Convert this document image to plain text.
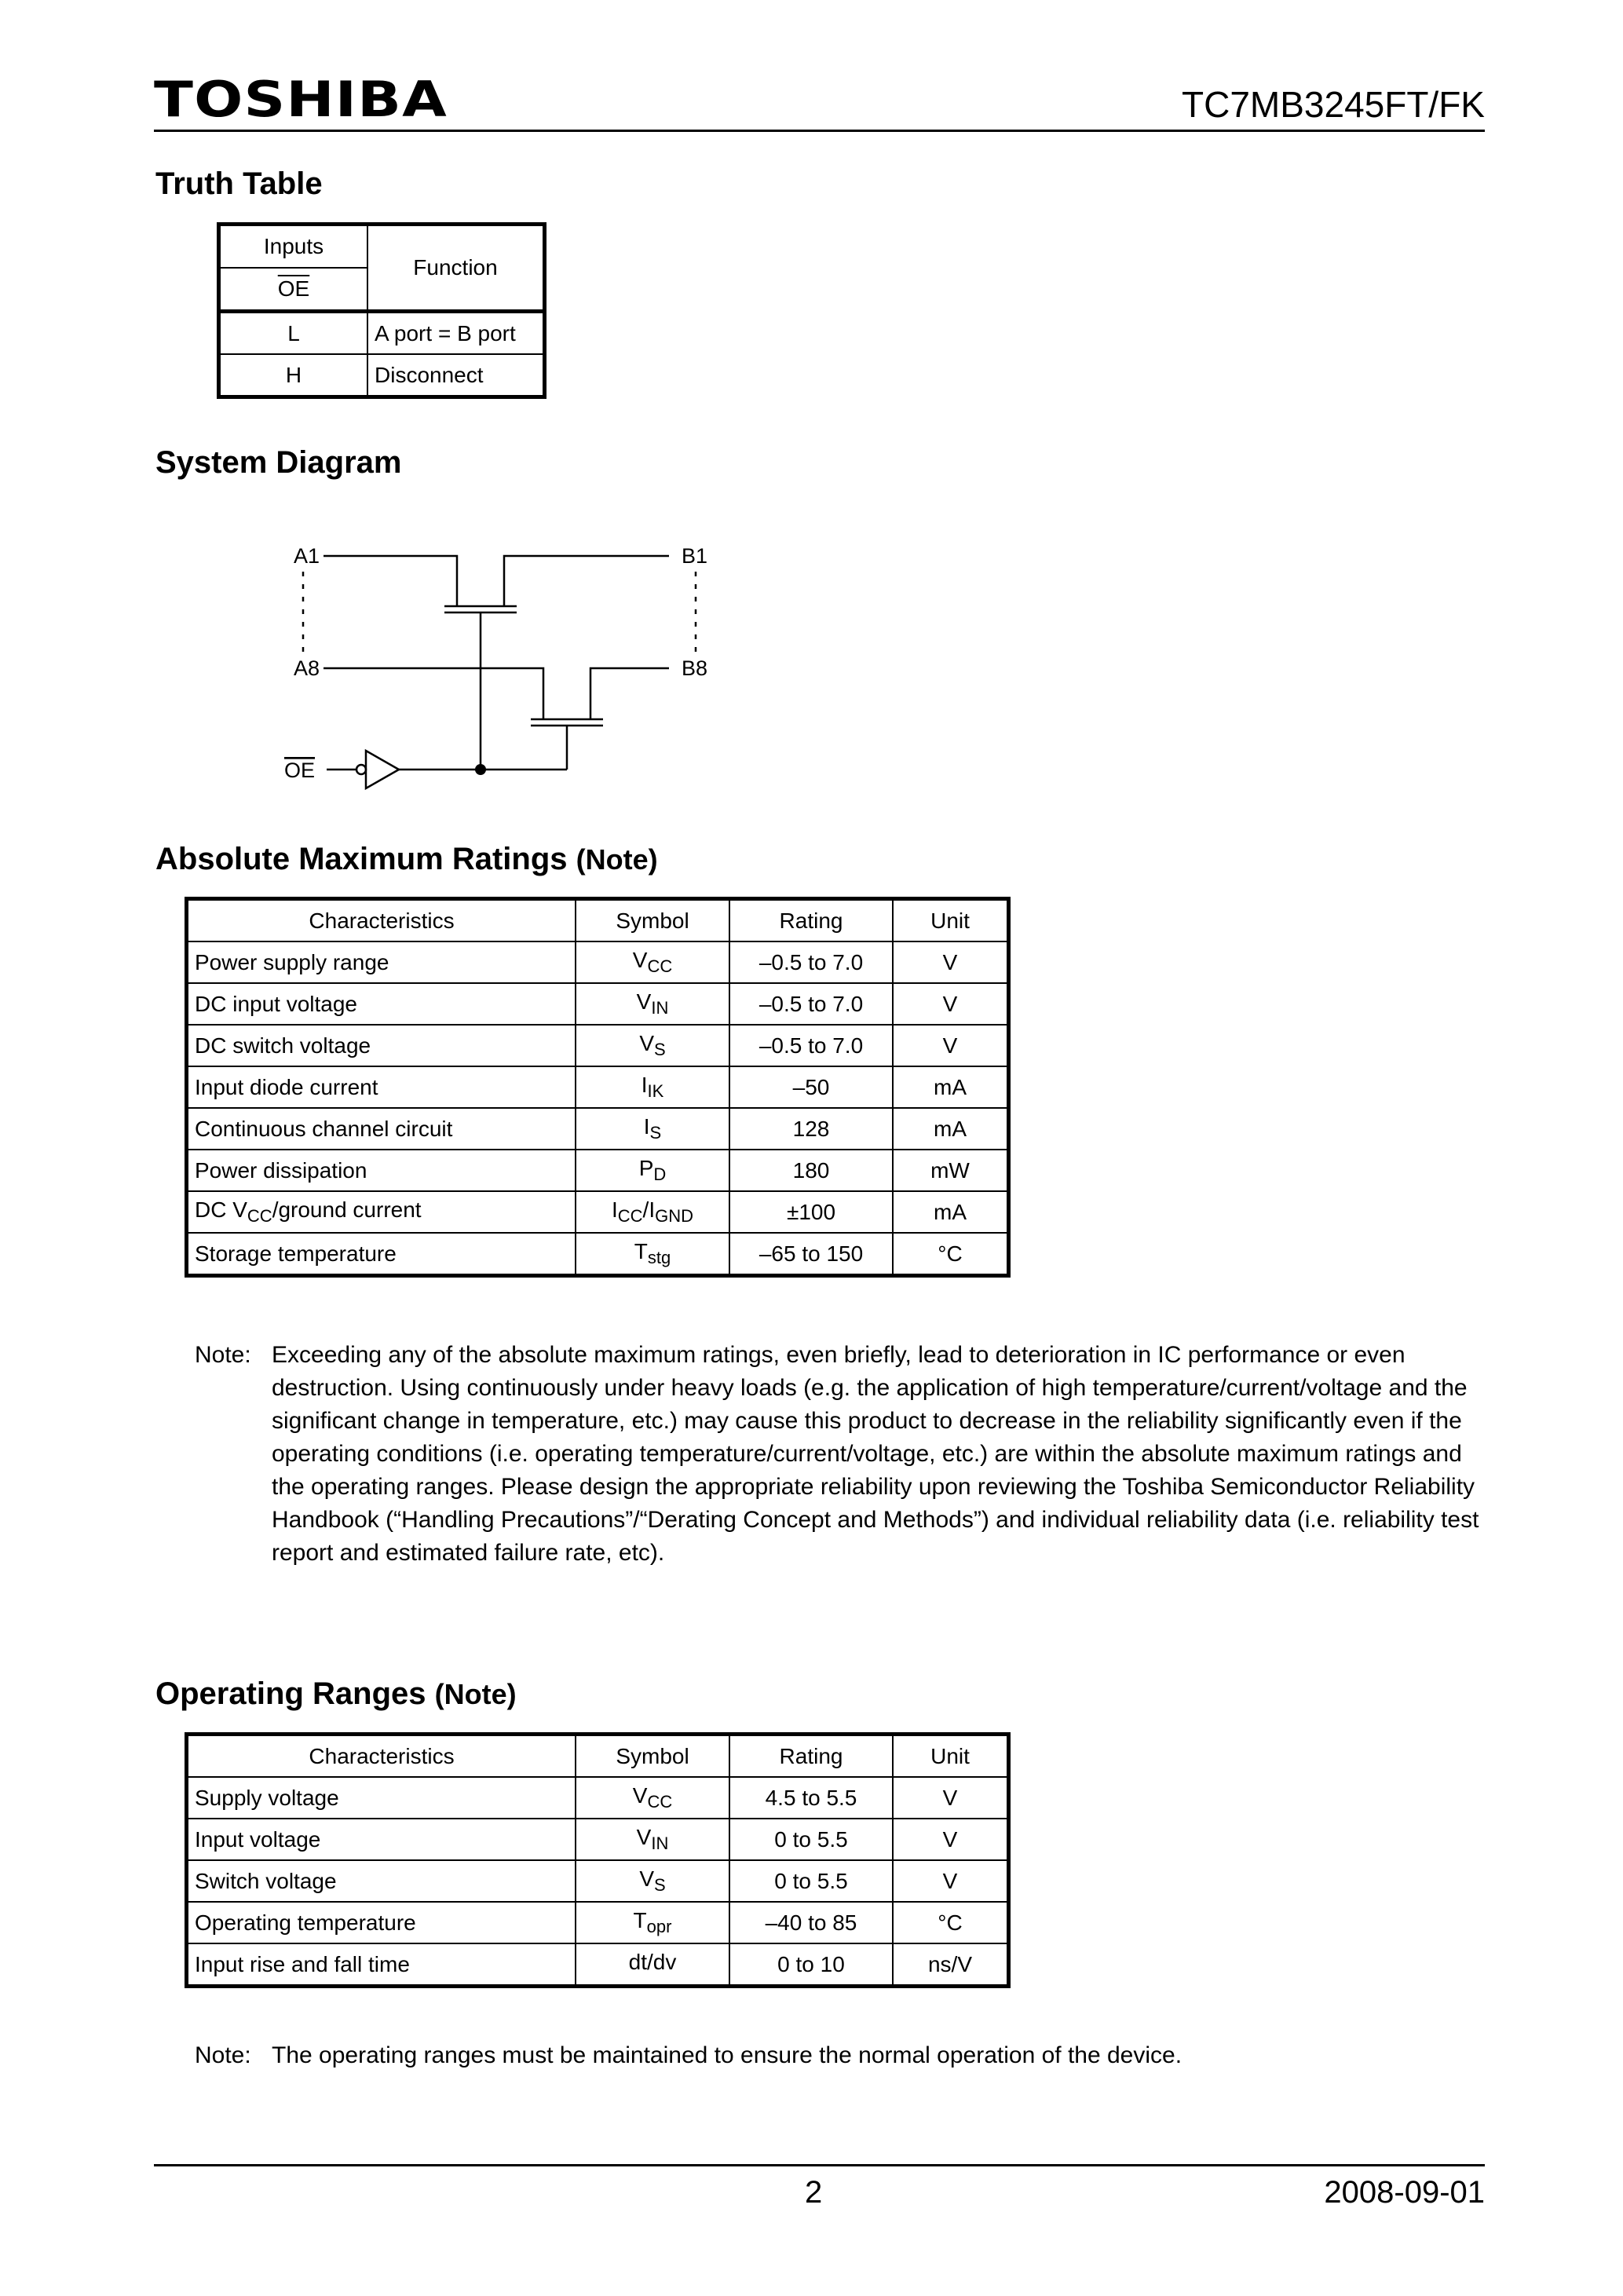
TOSHIBA	TC7MB3245FT/FK
Truth Table
Inputs	Function
$\overline{OE}$
L	A port = B port
H	Disconnect
System Diagram
A1	B1
A8	B8
OE
Absolute Maximum Ratings (Note)
Characteristics	Symbol	Rating	Unit
Power supply range	$V_{CC}$	–0.5 to 7.0	V
DC input voltage	$V_{IN}$	–0.5 to 7.0	V
DC switch voltage	$V_S$	–0.5 to 7.0	V
Input diode current	$I_{IK}$	–50	mA
Continuous channel circuit	$I_S$	128	mA
Power dissipation	$P_D$	180	mW
DC $V_{CC}$/ground current	$I_{CC}/I_{GND}$	±100	mA
Storage temperature	$T_{stg}$	–65 to 150	°C
Note: Exceeding any of the absolute maximum ratings, even briefly, lead to deterioration in IC performance or even destruction. Using continuously under heavy loads (e.g. the application of high temperature/current/voltage and the significant change in temperature, etc.) may cause this product to decrease in the reliability significantly even if the operating conditions (i.e. operating temperature/current/voltage, etc.) are within the absolute maximum ratings and the operating ranges. Please design the appropriate reliability upon reviewing the Toshiba Semiconductor Reliability Handbook (“Handling Precautions”/“Derating Concept and Methods”) and individual reliability data (i.e. reliability test report and estimated failure rate, etc).
Operating Ranges (Note)
Characteristics	Symbol	Rating	Unit
Supply voltage	$V_{CC}$	4.5 to 5.5	V
Input voltage	$V_{IN}$	0 to 5.5	V
Switch voltage	$V_S$	0 to 5.5	V
Operating temperature	$T_{opr}$	–40 to 85	°C
Input rise and fall time	dt/dv	0 to 10	ns/V
Note: The operating ranges must be maintained to ensure the normal operation of the device.
2	2008-09-01
